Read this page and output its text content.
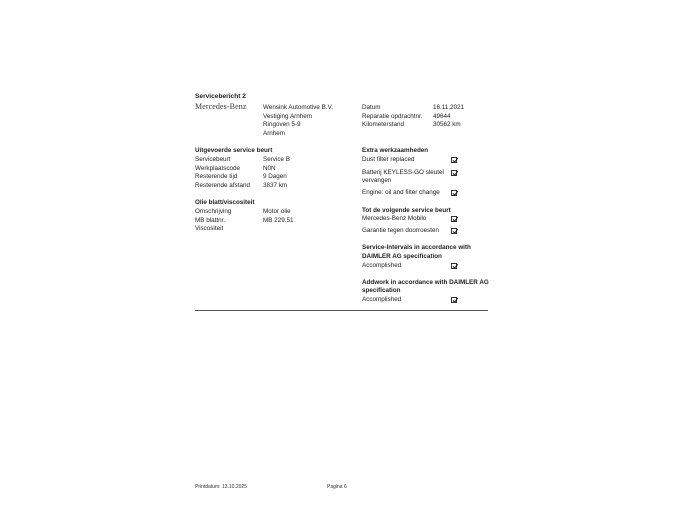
Servicebericht 2
Mercedes-Benz	Wensink Automotive B.V.
Vestiging Arnhem
Ringoven 5-9
Arnhem
Datum
Reparatie opdrachtnr.
Kilometerstand
16.11.2021
49644
30562 km
Uitgevoerde service beurt
Servicebeurt
Werkplaatscode
Resterende tijd
Resterende afstand
Service B
N0N
9 Dagen
3837 km
Olie blatt/viscositeit
Omschrijving
MB blattnr.
Viscositeit
Motor olie
MB 229.51
Extra werkzaamheden
Dust filter replaced
Batterij KEYLESS-GO sleutel
vervangen
Engine: oil and filter change
Tot de volgende service beurt
Mercedes-Benz Mobilo
Garantie tegen doorroesten
Service-Intervals in accordance with
DAIMLER AG specification
Accomplished
Addwork in accordance with DAIMLER AG
specification
Accomplished
Printdatum: 13.10.2025	Pagina 6
